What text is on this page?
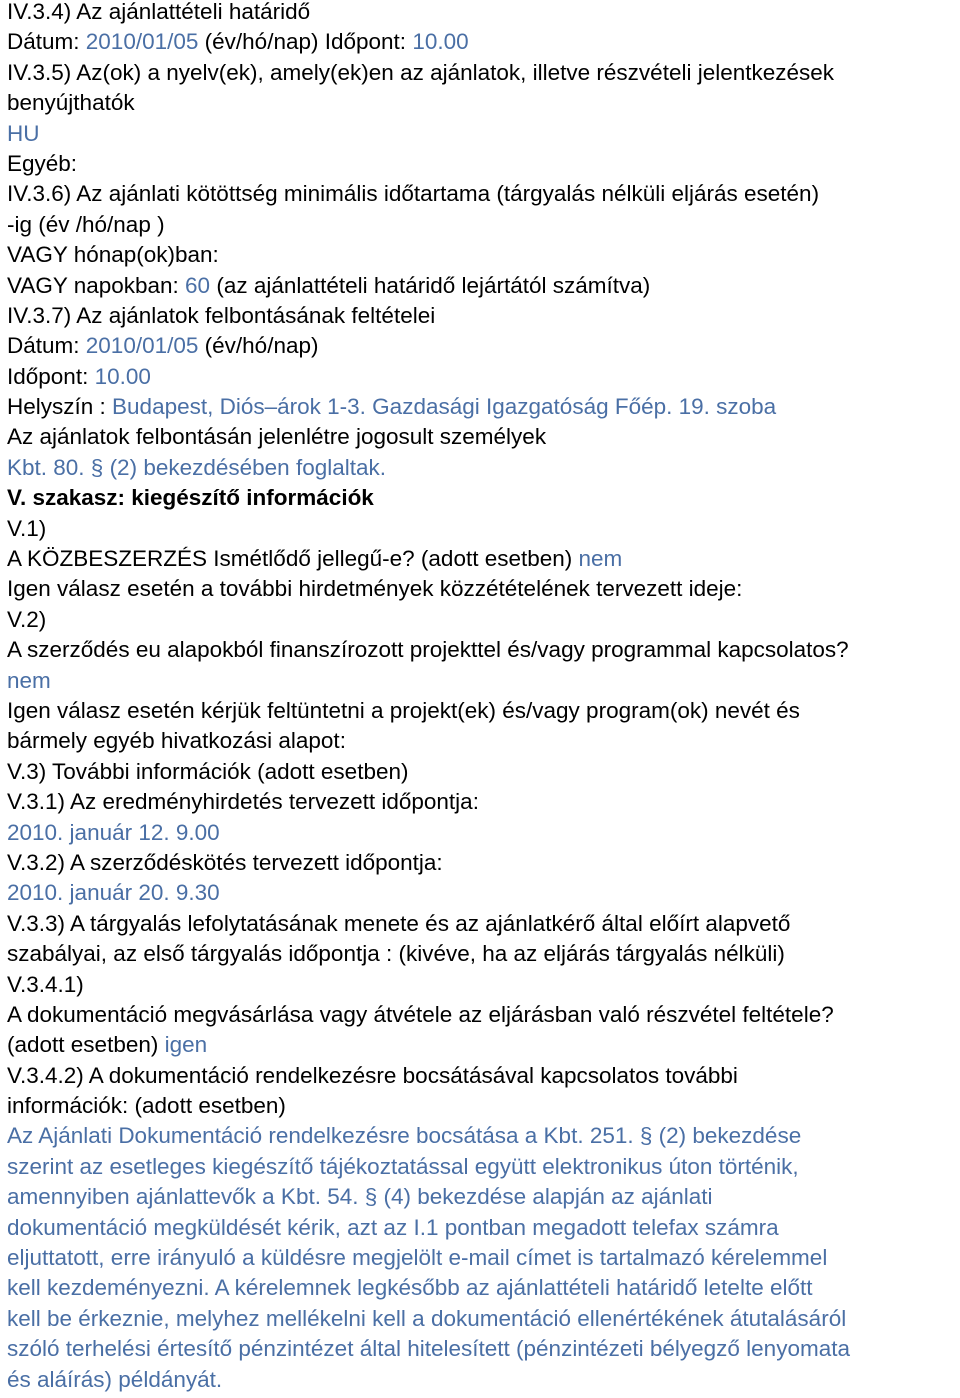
IV.3.4) Az ajánlattételi határidő
Dátum: 2010/01/05 (év/hó/nap) Időpont: 10.00
IV.3.5) Az(ok) a nyelv(ek), amely(ek)en az ajánlatok, illetve részvételi jelentkezések
benyújthatók
HU
Egyéb:
IV.3.6) Az ajánlati kötöttség minimális időtartama (tárgyalás nélküli eljárás esetén)
-ig (év /hó/nap )
VAGY hónap(ok)ban:
VAGY napokban: 60 (az ajánlattételi határidő lejártától számítva)
IV.3.7) Az ajánlatok felbontásának feltételei
Dátum: 2010/01/05 (év/hó/nap)
Időpont: 10.00
Helyszín : Budapest, Diós–árok 1-3. Gazdasági Igazgatóság Főép. 19. szoba
Az ajánlatok felbontásán jelenlétre jogosult személyek
Kbt. 80. § (2) bekezdésében foglaltak.
V. szakasz: kiegészítő információk
V.1)
A KÖZBESZERZÉS Ismétlődő jellegű-e? (adott esetben) nem
Igen válasz esetén a további hirdetmények közzétételének tervezett ideje:
V.2)
A szerződés eu alapokból finanszírozott projekttel és/vagy programmal kapcsolatos?
nem
Igen válasz esetén kérjük feltüntetni a projekt(ek) és/vagy program(ok) nevét és
bármely egyéb hivatkozási alapot:
V.3) További információk (adott esetben)
V.3.1) Az eredményhirdetés tervezett időpontja:
2010. január 12. 9.00
V.3.2) A szerződéskötés tervezett időpontja:
2010. január 20. 9.30
V.3.3) A tárgyalás lefolytatásának menete és az ajánlatkérő által előírt alapvető
szabályai, az első tárgyalás időpontja : (kivéve, ha az eljárás tárgyalás nélküli)
V.3.4.1)
A dokumentáció megvásárlása vagy átvétele az eljárásban való részvétel feltétele?
(adott esetben) igen
V.3.4.2) A dokumentáció rendelkezésre bocsátásával kapcsolatos további
információk: (adott esetben)
Az Ajánlati Dokumentáció rendelkezésre bocsátása a Kbt. 251. § (2) bekezdése
szerint az esetleges kiegészítő tájékoztatással együtt elektronikus úton történik,
amennyiben ajánlattevők a Kbt. 54. § (4) bekezdése alapján az ajánlati
dokumentáció megküldését kérik, azt az I.1 pontban megadott telefax számra
eljuttatott, erre irányuló a küldésre megjelölt e-mail címet is tartalmazó kérelemmel
kell kezdeményezni. A kérelemnek legkésőbb az ajánlattételi határidő letelte előtt
kell be érkeznie, melyhez mellékelni kell a dokumentáció ellenértékének átutalásáról
szóló terhelési értesítő pénzintézet által hitelesített (pénzintézeti bélyegző lenyomata
és aláírás) példányát.
